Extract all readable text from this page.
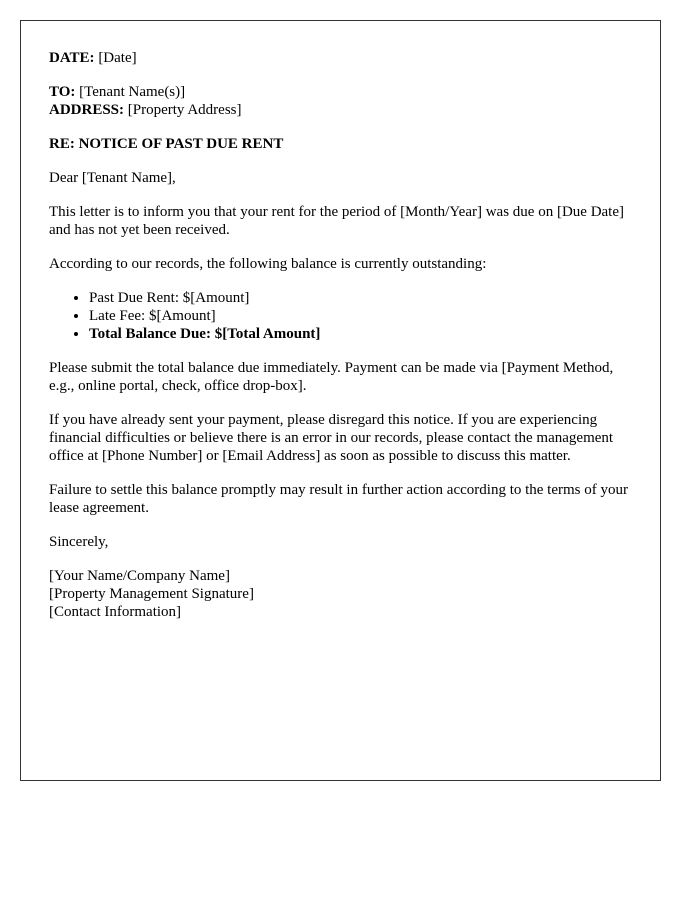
DATE: [Date]

TO: [Tenant Name(s)]
ADDRESS: [Property Address]

RE: NOTICE OF PAST DUE RENT

Dear [Tenant Name],

This letter is to inform you that your rent for the period of [Month/Year] was due on [Due Date] and has not yet been received.

According to our records, the following balance is currently outstanding:

• Past Due Rent: $[Amount]
• Late Fee: $[Amount]
• Total Balance Due: $[Total Amount]

Please submit the total balance due immediately. Payment can be made via [Payment Method, e.g., online portal, check, office drop-box].

If you have already sent your payment, please disregard this notice. If you are experiencing financial difficulties or believe there is an error in our records, please contact the management office at [Phone Number] or [Email Address] as soon as possible to discuss this matter.

Failure to settle this balance promptly may result in further action according to the terms of your lease agreement.

Sincerely,

[Your Name/Company Name]

[Property Management Signature]

[Contact Information]
